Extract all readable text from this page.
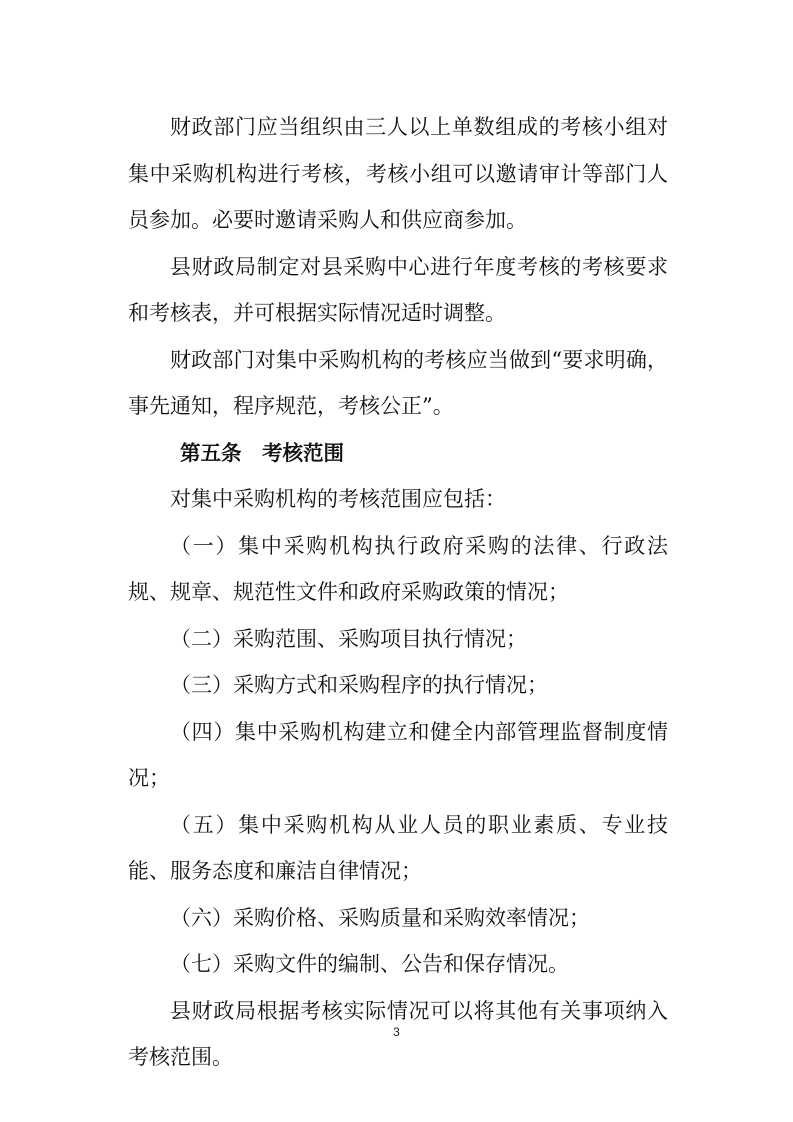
财政部门应当组织由三人以上单数组成的考核小组对集中采购机构进行考核，考核小组可以邀请审计等部门人员参加。必要时邀请采购人和供应商参加。

县财政局制定对县采购中心进行年度考核的考核要求和考核表，并可根据实际情况适时调整。

财政部门对集中采购机构的考核应当做到“要求明确，事先通知，程序规范，考核公正”。

第五条　考核范围

对集中采购机构的考核范围应包括：

（一）集中采购机构执行政府采购的法律、行政法规、规章、规范性文件和政府采购政策的情况；

（二）采购范围、采购项目执行情况；

（三）采购方式和采购程序的执行情况；

（四）集中采购机构建立和健全内部管理监督制度情况；

（五）集中采购机构从业人员的职业素质、专业技能、服务态度和廉洁自律情况；

（六）采购价格、采购质量和采购效率情况；

（七）采购文件的编制、公告和保存情况。

县财政局根据考核实际情况可以将其他有关事项纳入考核范围。

3
